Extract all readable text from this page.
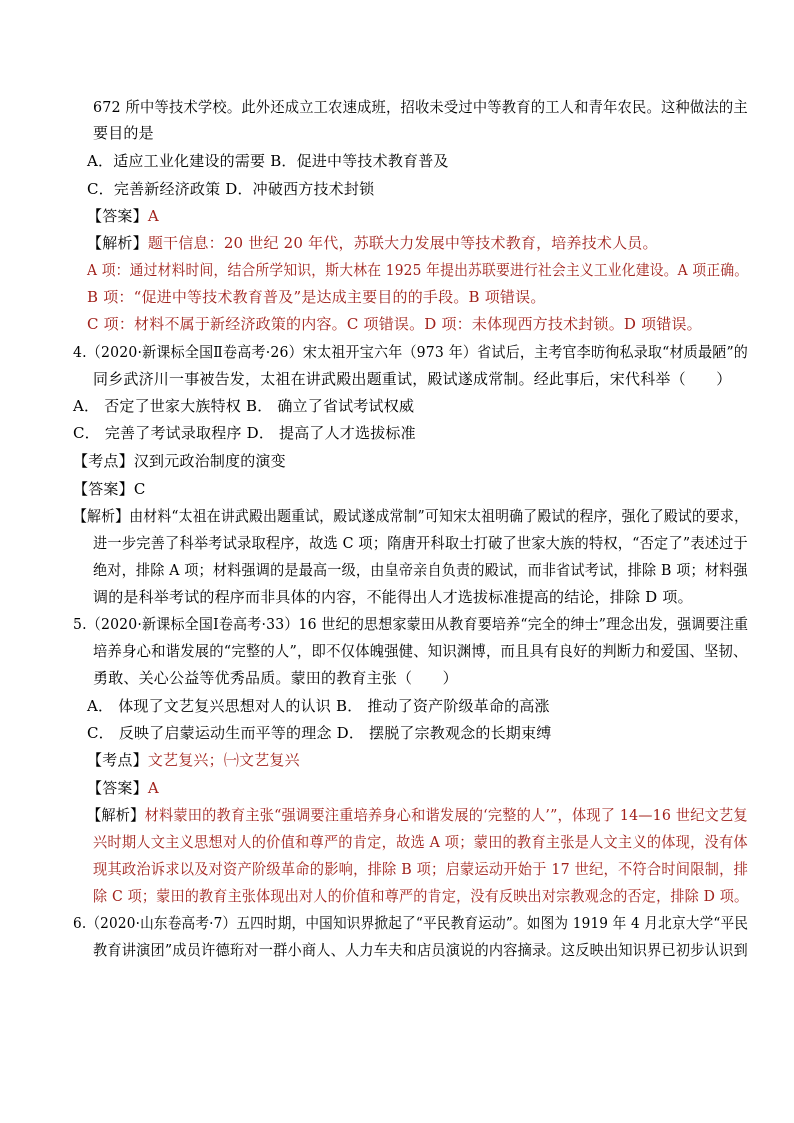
672 所中等技术学校。此外还成立工农速成班，招收未受过中等教育的工人和青年农民。这种做法的主
要目的是
A．适应工业化建设的需要 B．促进中等技术教育普及
C．完善新经济政策 D．冲破西方技术封锁
【答案】A
【解析】题干信息：20 世纪 20 年代，苏联大力发展中等技术教育，培养技术人员。
A 项：通过材料时间，结合所学知识，斯大林在 1925 年提出苏联要进行社会主义工业化建设。A 项正确。
B 项：“促进中等技术教育普及”是达成主要目的的手段。B 项错误。
C 项：材料不属于新经济政策的内容。C 项错误。D 项：未体现西方技术封锁。D 项错误。
4.（2020·新课标全国Ⅱ卷高考·26）宋太祖开宝六年（973 年）省试后，主考官李昉徇私录取“材质最陋”的
同乡武济川一事被告发，太祖在讲武殿出题重试，殿试遂成常制。经此事后，宋代科举（　　）
A． 否定了世家大族特权 B． 确立了省试考试权威
C． 完善了考试录取程序 D． 提高了人才选拔标准
【考点】汉到元政治制度的演变
【答案】C
【解析】由材料“太祖在讲武殿出题重试，殿试遂成常制”可知宋太祖明确了殿试的程序，强化了殿试的要求，
进一步完善了科举考试录取程序，故选 C 项；隋唐开科取士打破了世家大族的特权，“否定了”表述过于
绝对，排除 A 项；材料强调的是最高一级，由皇帝亲自负责的殿试，而非省试考试，排除 B 项；材料强
调的是科举考试的程序而非具体的内容，不能得出人才选拔标准提高的结论，排除 D 项。
5.（2020·新课标全国Ⅰ卷高考·33）16 世纪的思想家蒙田从教育要培养“完全的绅士”理念出发，强调要注重
培养身心和谐发展的“完整的人”，即不仅体魄强健、知识渊博，而且具有良好的判断力和爱国、坚韧、
勇敢、关心公益等优秀品质。蒙田的教育主张（　　）
A． 体现了文艺复兴思想对人的认识 B． 推动了资产阶级革命的高涨
C． 反映了启蒙运动生而平等的理念 D． 摆脱了宗教观念的长期束缚
【考点】文艺复兴；㈠文艺复兴
【答案】A
【解析】材料蒙田的教育主张“强调要注重培养身心和谐发展的‘完整的人’”，体现了 14—16 世纪文艺复
兴时期人文主义思想对人的价值和尊严的肯定，故选 A 项；蒙田的教育主张是人文主义的体现，没有体
现其政治诉求以及对资产阶级革命的影响，排除 B 项；启蒙运动开始于 17 世纪，不符合时间限制，排
除 C 项；蒙田的教育主张体现出对人的价值和尊严的肯定，没有反映出对宗教观念的否定，排除 D 项。
6.（2020·山东卷高考·7）五四时期，中国知识界掀起了“平民教育运动”。如图为 1919 年 4 月北京大学“平民
教育讲演团”成员许德珩对一群小商人、人力车夫和店员演说的内容摘录。这反映出知识界已初步认识到
